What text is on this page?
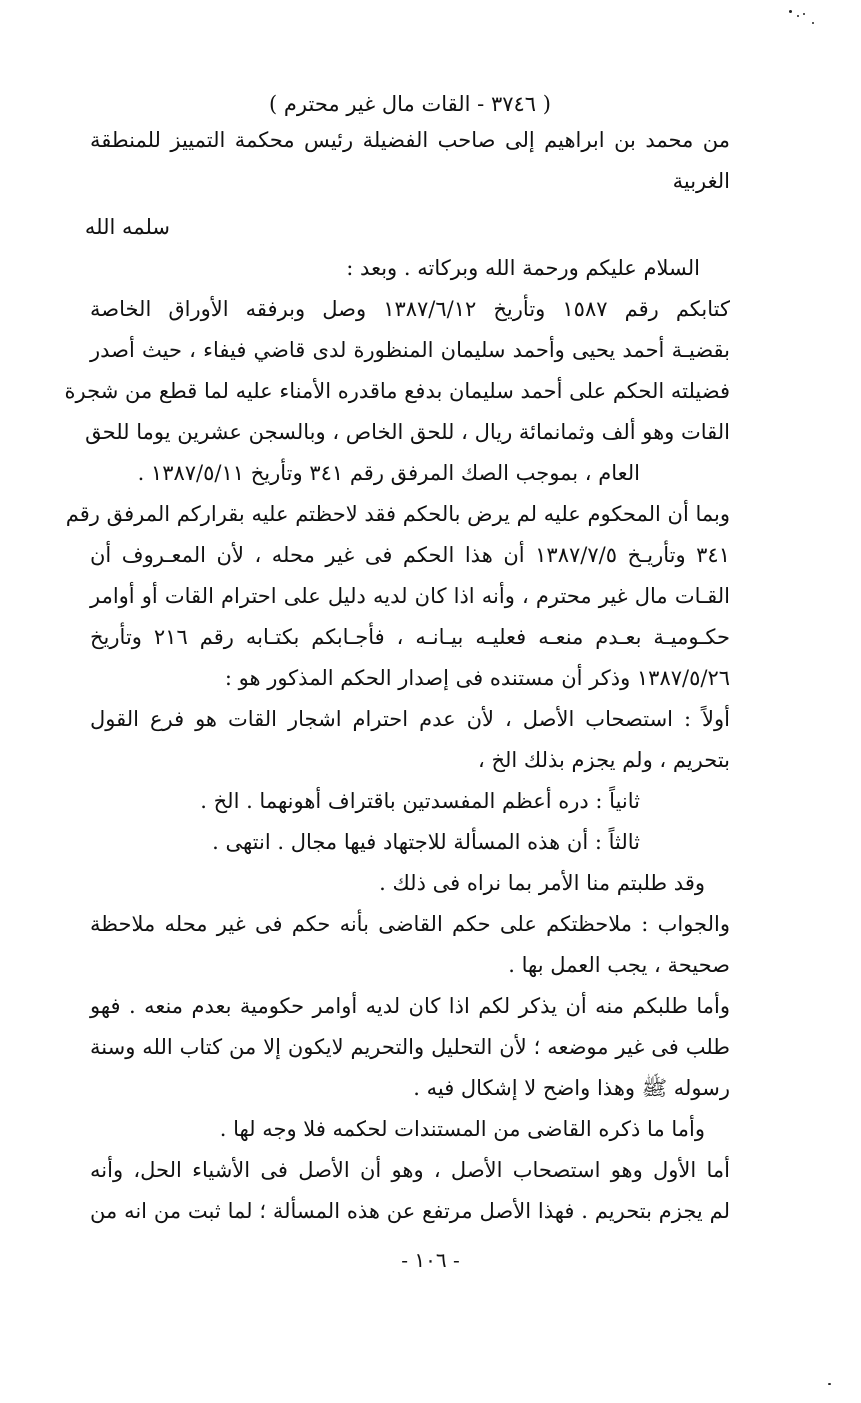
( ٣٧٤٦ - القات مال غير محترم )
من محمد بن ابراهيم إلى صاحب الفضيلة رئيس محكمة التمييز للمنطقة
الغربية
سلمه الله
السلام عليكم ورحمة الله وبركاته . وبعد :
كتابكم رقم ١٥٨٧ وتأريخ ١٣٨٧/٦/١٢ وصل وبرفقه الأوراق الخاصة
بقضيـة أحمد يحيى وأحمد سليمان المنظورة لدى قاضي فيفاء ، حيث أصدر
فضيلته الحكم على أحمد سليمان بدفع ماقدره الأمناء عليه لما قطع من شجرة
القات وهو ألف وثمانمائة ريال ، للحق الخاص ، وبالسجن عشرين يوما للحق
العام ، بموجب الصك المرفق رقم ٣٤١ وتأريخ ١٣٨٧/٥/١١ .
وبما أن المحكوم عليه لم يرض بالحكم فقد لاحظتم عليه بقراركم المرفق رقم
٣٤١ وتأريـخ ١٣٨٧/٧/٥ أن هذا الحكم فى غير محله ، لأن المعـروف أن
القـات مال غير محترم ، وأنه اذا كان لديه دليل على احترام القات أو أوامر
حكـوميـة بعـدم منعـه فعليـه بيـانـه ، فأجـابكم بكتـابه رقم ٢١٦ وتأريخ
١٣٨٧/٥/٢٦ وذكر أن مستنده فى إصدار الحكم المذكور هو :
أولاً : استصحاب الأصل ، لأن عدم احترام اشجار القات هو فرع القول
بتحريم ، ولم يجزم بذلك الخ ،
ثانياً : دره أعظم المفسدتين باقتراف أهونهما . الخ .
ثالثاً : أن هذه المسألة للاجتهاد فيها مجال . انتهى .
وقد طلبتم منا الأمر بما نراه فى ذلك .
والجواب : ملاحظتكم على حكم القاضى بأنه حكم فى غير محله ملاحظة
صحيحة ، يجب العمل بها .
وأما طلبكم منه أن يذكر لكم اذا كان لديه أوامر حكومية بعدم منعه . فهو
طلب فى غير موضعه ؛ لأن التحليل والتحريم لايكون إلا من كتاب الله وسنة
رسوله ﷺ وهذا واضح لا إشكال فيه .
وأما ما ذكره القاضى من المستندات لحكمه فلا وجه لها .
أما الأول وهو استصحاب الأصل ، وهو أن الأصل فى الأشياء الحل، وأنه
لم يجزم بتحريم . فهذا الأصل مرتفع عن هذه المسألة ؛ لما ثبت من انه من
- ١٠٦ -
